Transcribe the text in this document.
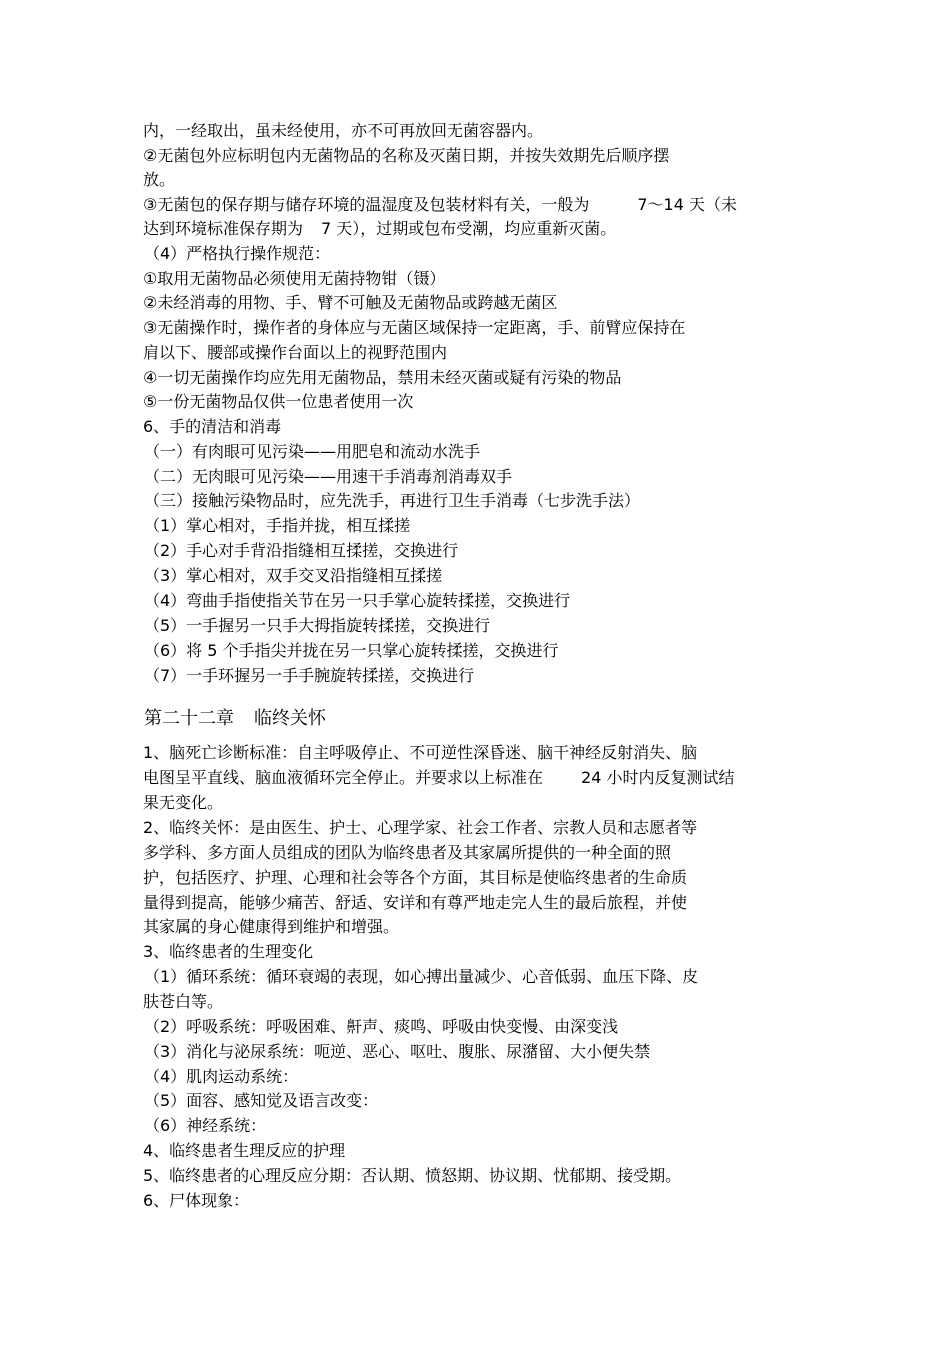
内，一经取出，虽未经使用，亦不可再放回无菌容器内。

②无菌包外应标明包内无菌物品的名称及灭菌日期，并按失效期先后顺序摆

放。

③无菌包的保存期与储存环境的温湿度及包装材料有关，一般为	7～14 天（未

达到环境标准保存期为 7 天），过期或包布受潮，均应重新灭菌。

（4）严格执行操作规范：

①取用无菌物品必须使用无菌持物钳（镊）

②未经消毒的用物、手、臂不可触及无菌物品或跨越无菌区

③无菌操作时，操作者的身体应与无菌区域保持一定距离，手、前臂应保持在

肩以下、腰部或操作台面以上的视野范围内

④一切无菌操作均应先用无菌物品，禁用未经灭菌或疑有污染的物品

⑤一份无菌物品仅供一位患者使用一次

6、手的清洁和消毒

（一）有肉眼可见污染——用肥皂和流动水洗手

（二）无肉眼可见污染——用速干手消毒剂消毒双手

（三）接触污染物品时，应先洗手，再进行卫生手消毒（七步洗手法）

（1）掌心相对，手指并拢，相互揉搓

（2）手心对手背沿指缝相互揉搓，交换进行

（3）掌心相对，双手交叉沿指缝相互揉搓

（4）弯曲手指使指关节在另一只手掌心旋转揉搓，交换进行

（5）一手握另一只手大拇指旋转揉搓，交换进行

（6）将 5 个手指尖并拢在另一只掌心旋转揉搓，交换进行

（7）一手环握另一手手腕旋转揉搓，交换进行

第二十二章 临终关怀

1、脑死亡诊断标准：自主呼吸停止、不可逆性深昏迷、脑干神经反射消失、脑

电图呈平直线、脑血液循环完全停止。并要求以上标准在 24 小时内反复测试结

果无变化。

2、临终关怀：是由医生、护士、心理学家、社会工作者、宗教人员和志愿者等

多学科、多方面人员组成的团队为临终患者及其家属所提供的一种全面的照

护，包括医疗、护理、心理和社会等各个方面，其目标是使临终患者的生命质

量得到提高，能够少痛苦、舒适、安详和有尊严地走完人生的最后旅程，并使

其家属的身心健康得到维护和增强。

3、临终患者的生理变化

（1）循环系统：循环衰竭的表现，如心搏出量减少、心音低弱、血压下降、皮

肤苍白等。

（2）呼吸系统：呼吸困难、鼾声、痰鸣、呼吸由快变慢、由深变浅

（3）消化与泌尿系统：呃逆、恶心、呕吐、腹胀、尿潴留、大小便失禁

（4）肌肉运动系统：

（5）面容、感知觉及语言改变：

（6）神经系统：

4、临终患者生理反应的护理

5、临终患者的心理反应分期：否认期、愤怒期、协议期、忧郁期、接受期。

6、尸体现象：
